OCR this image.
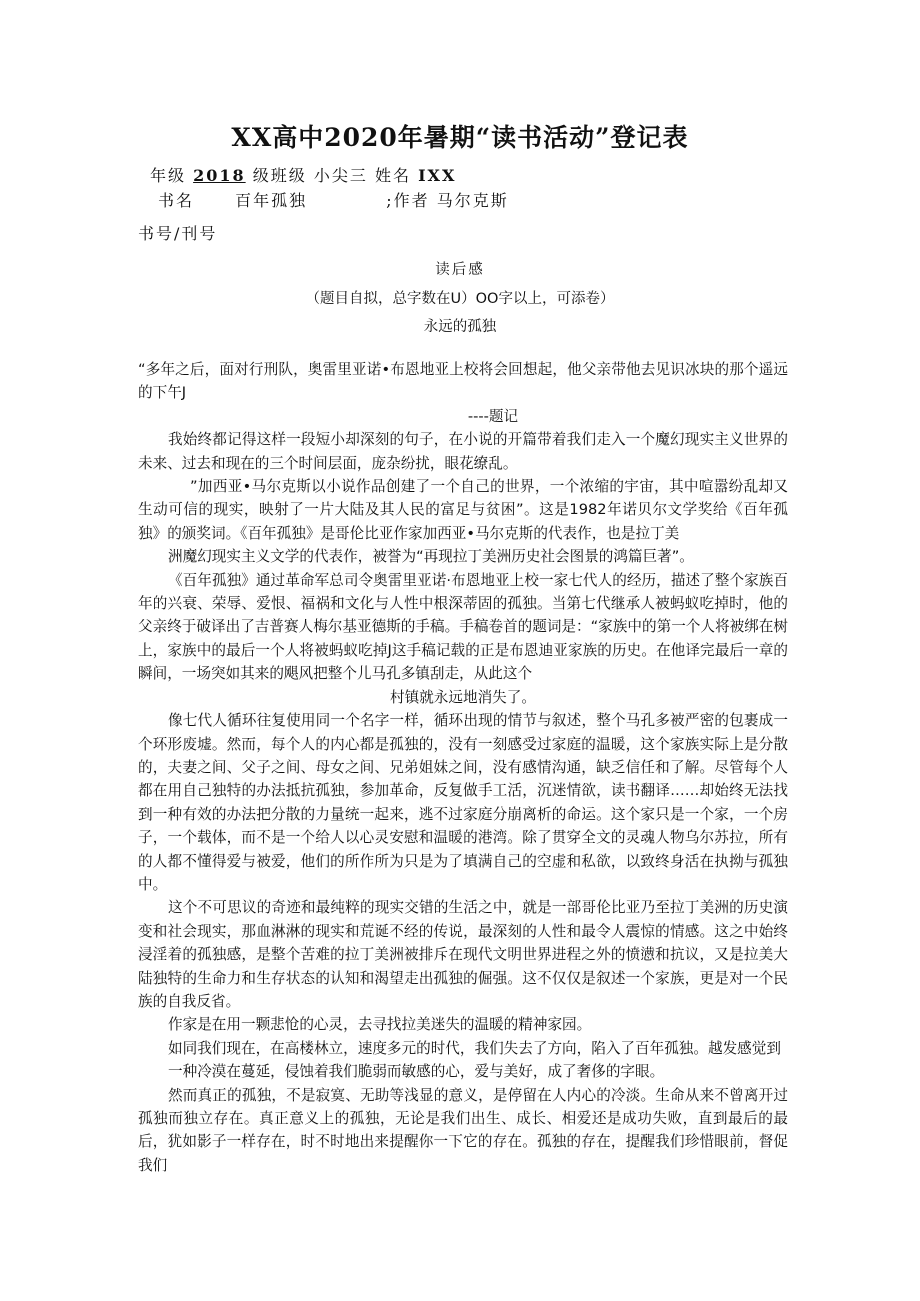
XX高中2020年暑期“读书活动”登记表
年级 2018 级班级 小尖三 姓名 IXX
书名	百年孤独	;作者 马尔克斯
书号/刊号
读后感
（题目自拟，总字数在U）OO字以上，可添卷）
永远的孤独

“多年之后，面对行刑队，奥雷里亚诺•布恩地亚上校将会回想起，他父亲带他去见识冰块的那个遥远的下午J

----题记

我始终都记得这样一段短小却深刻的句子，在小说的开篇带着我们走入一个魔幻现实主义世界的未来、过去和现在的三个时间层面，庞杂纷扰，眼花缭乱。

”加西亚•马尔克斯以小说作品创建了一个自己的世界，一个浓缩的宇宙，其中喧嚣纷乱却又生动可信的现实，映射了一片大陆及其人民的富足与贫困”。这是1982年诺贝尔文学奖给《百年孤独》的颁奖词。《百年孤独》是哥伦比亚作家加西亚•马尔克斯的代表作，也是拉丁美

洲魔幻现实主义文学的代表作，被誉为“再现拉丁美洲历史社会图景的鸿篇巨著”。

《百年孤独》通过革命军总司令奥雷里亚诺·布恩地亚上校一家七代人的经历，描述了整个家族百年的兴衰、荣辱、爱恨、福祸和文化与人性中根深蒂固的孤独。当第七代继承人被蚂蚁吃掉时，他的父亲终于破译出了吉普赛人梅尔基亚德斯的手稿。手稿卷首的题词是：“家族中的第一个人将被绑在树上，家族中的最后一个人将被蚂蚁吃掉J这手稿记载的正是布恩迪亚家族的历史。在他译完最后一章的瞬间，一场突如其来的飓风把整个儿马孔多镇刮走，从此这个

村镇就永远地消失了。

像七代人循环往复使用同一个名字一样，循环出现的情节与叙述，整个马孔多被严密的包裹成一个环形废墟。然而，每个人的内心都是孤独的，没有一刻感受过家庭的温暖，这个家族实际上是分散的，夫妻之间、父子之间、母女之间、兄弟姐妹之间，没有感情沟通，缺乏信任和了解。尽管每个人都在用自己独特的办法抵抗孤独，参加革命，反复做手工活，沉迷情欲，读书翻译……却始终无法找到一种有效的办法把分散的力量统一起来，逃不过家庭分崩离析的命运。这个家只是一个家，一个房子，一个载体，而不是一个给人以心灵安慰和温暖的港湾。除了贯穿全文的灵魂人物乌尔苏拉，所有的人都不懂得爱与被爱，他们的所作所为只是为了填满自己的空虚和私欲，以致终身活在执拗与孤独中。

这个不可思议的奇迹和最纯粹的现实交错的生活之中，就是一部哥伦比亚乃至拉丁美洲的历史演变和社会现实，那血淋淋的现实和荒诞不经的传说，最深刻的人性和最令人震惊的情感。这之中始终浸淫着的孤独感，是整个苦难的拉丁美洲被排斥在现代文明世界进程之外的愤懑和抗议，又是拉美大陆独特的生命力和生存状态的认知和渴望走出孤独的倔强。这不仅仅是叙述一个家族，更是对一个民族的自我反省。

作家是在用一颗悲怆的心灵，去寻找拉美迷失的温暖的精神家园。

如同我们现在，在高楼林立，速度多元的时代，我们失去了方向，陷入了百年孤独。越发感觉到

一种冷漠在蔓延，侵蚀着我们脆弱而敏感的心，爱与美好，成了奢侈的字眼。

然而真正的孤独，不是寂寞、无助等浅显的意义，是停留在人内心的冷淡。生命从来不曾离开过孤独而独立存在。真正意义上的孤独，无论是我们出生、成长、相爱还是成功失败，直到最后的最后，犹如影子一样存在，时不时地出来提醒你一下它的存在。孤独的存在，提醒我们珍惜眼前，督促我们
